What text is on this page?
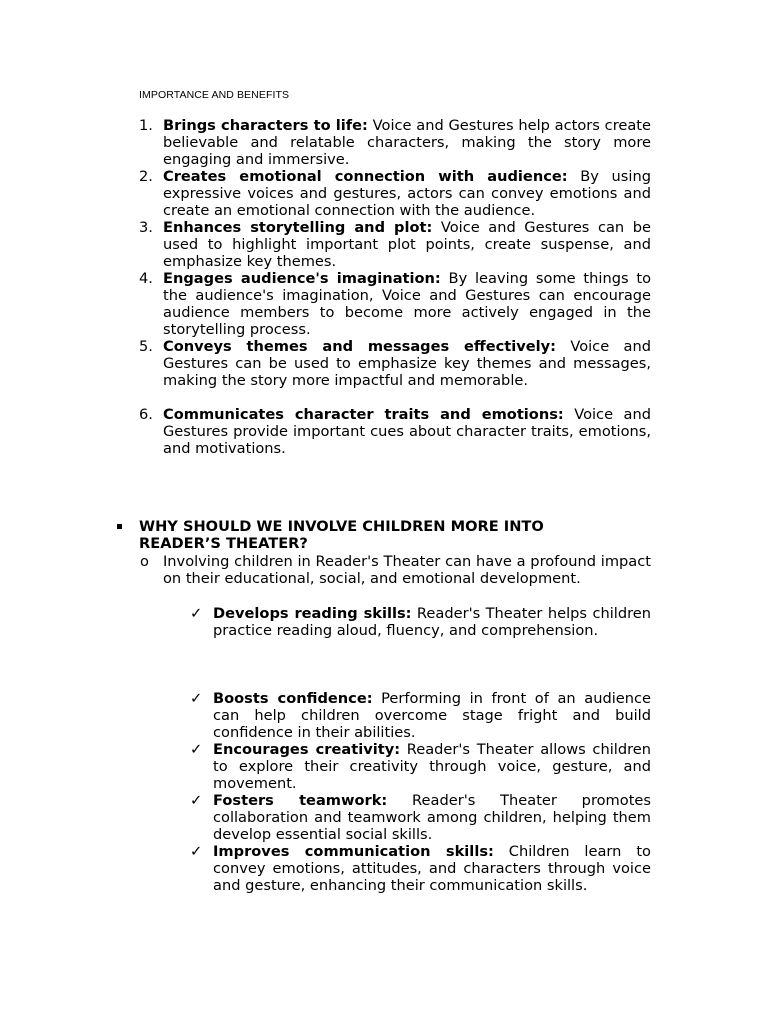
IMPORTANCE AND BENEFITS
1. Brings characters to life: Voice and Gestures help actors create believable and relatable characters, making the story more engaging and immersive.
2. Creates emotional connection with audience: By using expressive voices and gestures, actors can convey emotions and create an emotional connection with the audience.
3. Enhances storytelling and plot: Voice and Gestures can be used to highlight important plot points, create suspense, and emphasize key themes.
4. Engages audience's imagination: By leaving some things to the audience's imagination, Voice and Gestures can encourage audience members to become more actively engaged in the storytelling process.
5. Conveys themes and messages effectively: Voice and Gestures can be used to emphasize key themes and messages, making the story more impactful and memorable.
6. Communicates character traits and emotions: Voice and Gestures provide important cues about character traits, emotions, and motivations.
WHY SHOULD WE INVOLVE CHILDREN MORE INTO READER’S THEATER?
o Involving children in Reader's Theater can have a profound impact on their educational, social, and emotional development.
✓ Develops reading skills: Reader's Theater helps children practice reading aloud, fluency, and comprehension.
✓ Boosts confidence: Performing in front of an audience can help children overcome stage fright and build confidence in their abilities.
✓ Encourages creativity: Reader's Theater allows children to explore their creativity through voice, gesture, and movement.
✓ Fosters teamwork: Reader's Theater promotes collaboration and teamwork among children, helping them develop essential social skills.
✓ Improves communication skills: Children learn to convey emotions, attitudes, and characters through voice and gesture, enhancing their communication skills.
